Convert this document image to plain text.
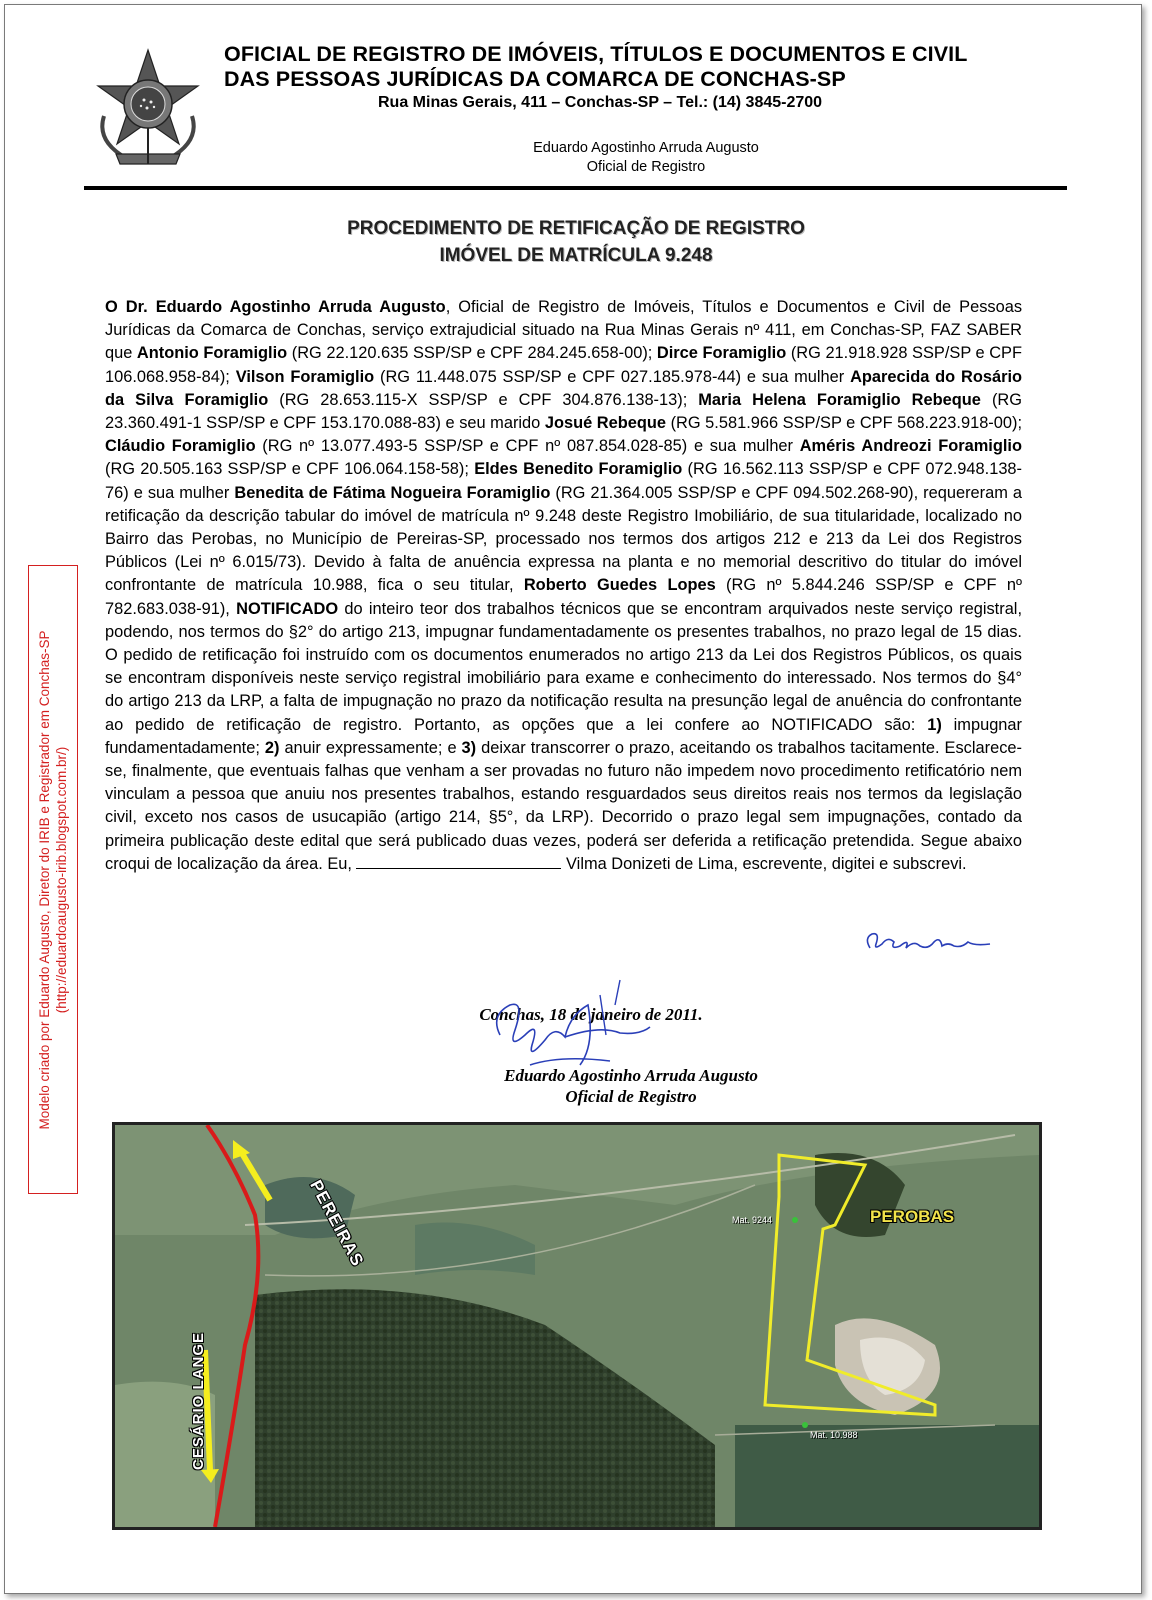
OFICIAL DE REGISTRO DE IMÓVEIS, TÍTULOS E DOCUMENTOS E CIVIL
DAS PESSOAS JURÍDICAS DA COMARCA DE CONCHAS-SP
Rua Minas Gerais, 411 – Conchas-SP – Tel.: (14) 3845-2700
Eduardo Agostinho Arruda Augusto
Oficial de Registro
PROCEDIMENTO DE RETIFICAÇÃO DE REGISTRO
IMÓVEL DE MATRÍCULA 9.248

O Dr. Eduardo Agostinho Arruda Augusto, Oficial de Registro de Imóveis, Títulos e Documentos e Civil de Pessoas Jurídicas da Comarca de Conchas, serviço extrajudicial situado na Rua Minas Gerais nº 411, em Conchas-SP, FAZ SABER que Antonio Foramiglio (RG 22.120.635 SSP/SP e CPF 284.245.658-00); Dirce Foramiglio (RG 21.918.928 SSP/SP e CPF 106.068.958-84); Vilson Foramiglio (RG 11.448.075 SSP/SP e CPF 027.185.978-44) e sua mulher Aparecida do Rosário da Silva Foramiglio (RG 28.653.115-X SSP/SP e CPF 304.876.138-13); Maria Helena Foramiglio Rebeque (RG 23.360.491-1 SSP/SP e CPF 153.170.088-83) e seu marido Josué Rebeque (RG 5.581.966 SSP/SP e CPF 568.223.918-00); Cláudio Foramiglio (RG nº 13.077.493-5 SSP/SP e CPF nº 087.854.028-85) e sua mulher Améris Andreozi Foramiglio (RG 20.505.163 SSP/SP e CPF 106.064.158-58); Eldes Benedito Foramiglio (RG 16.562.113 SSP/SP e CPF 072.948.138-76) e sua mulher Benedita de Fátima Nogueira Foramiglio (RG 21.364.005 SSP/SP e CPF 094.502.268-90), requereram a retificação da descrição tabular do imóvel de matrícula nº 9.248 deste Registro Imobiliário, de sua titularidade, localizado no Bairro das Perobas, no Município de Pereiras-SP, processado nos termos dos artigos 212 e 213 da Lei dos Registros Públicos (Lei nº 6.015/73). Devido à falta de anuência expressa na planta e no memorial descritivo do titular do imóvel confrontante de matrícula 10.988, fica o seu titular, Roberto Guedes Lopes (RG nº 5.844.246 SSP/SP e CPF nº 782.683.038-91), NOTIFICADO do inteiro teor dos trabalhos técnicos que se encontram arquivados neste serviço registral, podendo, nos termos do §2° do artigo 213, impugnar fundamentadamente os presentes trabalhos, no prazo legal de 15 dias. O pedido de retificação foi instruído com os documentos enumerados no artigo 213 da Lei dos Registros Públicos, os quais se encontram disponíveis neste serviço registral imobiliário para exame e conhecimento do interessado. Nos termos do §4° do artigo 213 da LRP, a falta de impugnação no prazo da notificação resulta na presunção legal de anuência do confrontante ao pedido de retificação de registro. Portanto, as opções que a lei confere ao NOTIFICADO são: 1) impugnar fundamentadamente; 2) anuir expressamente; e 3) deixar transcorrer o prazo, aceitando os trabalhos tacitamente. Esclarece-se, finalmente, que eventuais falhas que venham a ser provadas no futuro não impedem novo procedimento retificatório nem vinculam a pessoa que anuiu nos presentes trabalhos, estando resguardados seus direitos reais nos termos da legislação civil, exceto nos casos de usucapião (artigo 214, §5°, da LRP). Decorrido o prazo legal sem impugnações, contado da primeira publicação deste edital que será publicado duas vezes, poderá ser deferida a retificação pretendida. Segue abaixo croqui de localização da área. Eu,	Vilma Donizeti de Lima, escrevente, digitei e subscrevi.

Conchas, 18 de janeiro de 2011.
Eduardo Agostinho Arruda Augusto
Oficial de Registro
Modelo criado por Eduardo Augusto, Diretor do IRIB e Registrador em Conchas-SP (http://eduardoaugusto-irib.blogspot.com.br/)
PEREIRAS
CESÁRIO LANGE
PEROBAS
Mat. 9244
Mat. 10.988
